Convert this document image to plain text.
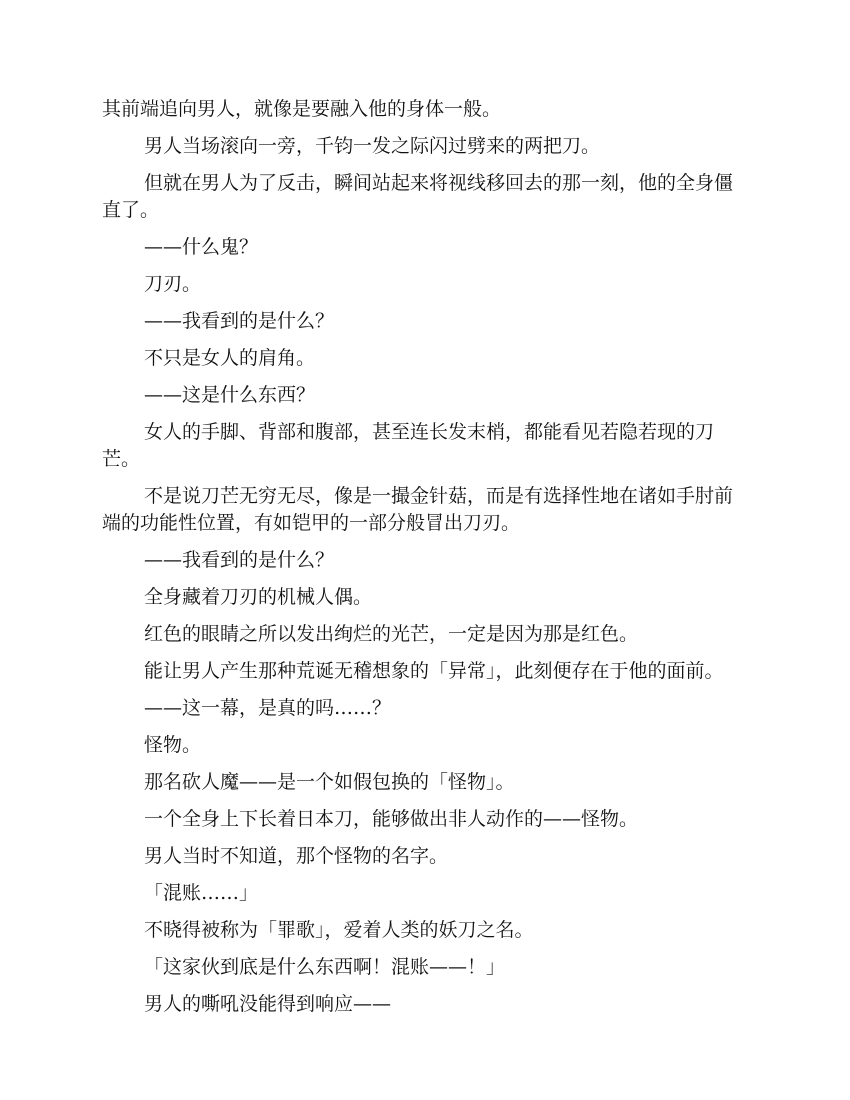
其前端追向男人，就像是要融入他的身体一般。

男人当场滚向一旁，千钧一发之际闪过劈来的两把刀。

但就在男人为了反击，瞬间站起来将视线移回去的那一刻，他的全身僵直了。

——什么鬼？

刀刃。

——我看到的是什么？

不只是女人的肩角。

——这是什么东西？

女人的手脚、背部和腹部，甚至连长发末梢，都能看见若隐若现的刀芒。

不是说刀芒无穷无尽，像是一撮金针菇，而是有选择性地在诸如手肘前端的功能性位置，有如铠甲的一部分般冒出刀刃。

——我看到的是什么？

全身藏着刀刃的机械人偶。

红色的眼睛之所以发出绚烂的光芒，一定是因为那是红色。

能让男人产生那种荒诞无稽想象的「异常」，此刻便存在于他的面前。

——这一幕，是真的吗……？

怪物。

那名砍人魔——是一个如假包换的「怪物」。

一个全身上下长着日本刀，能够做出非人动作的——怪物。

男人当时不知道，那个怪物的名字。

「混账……」

不晓得被称为「罪歌」，爱着人类的妖刀之名。

「这家伙到底是什么东西啊！混账——！」

男人的嘶吼没能得到响应——
